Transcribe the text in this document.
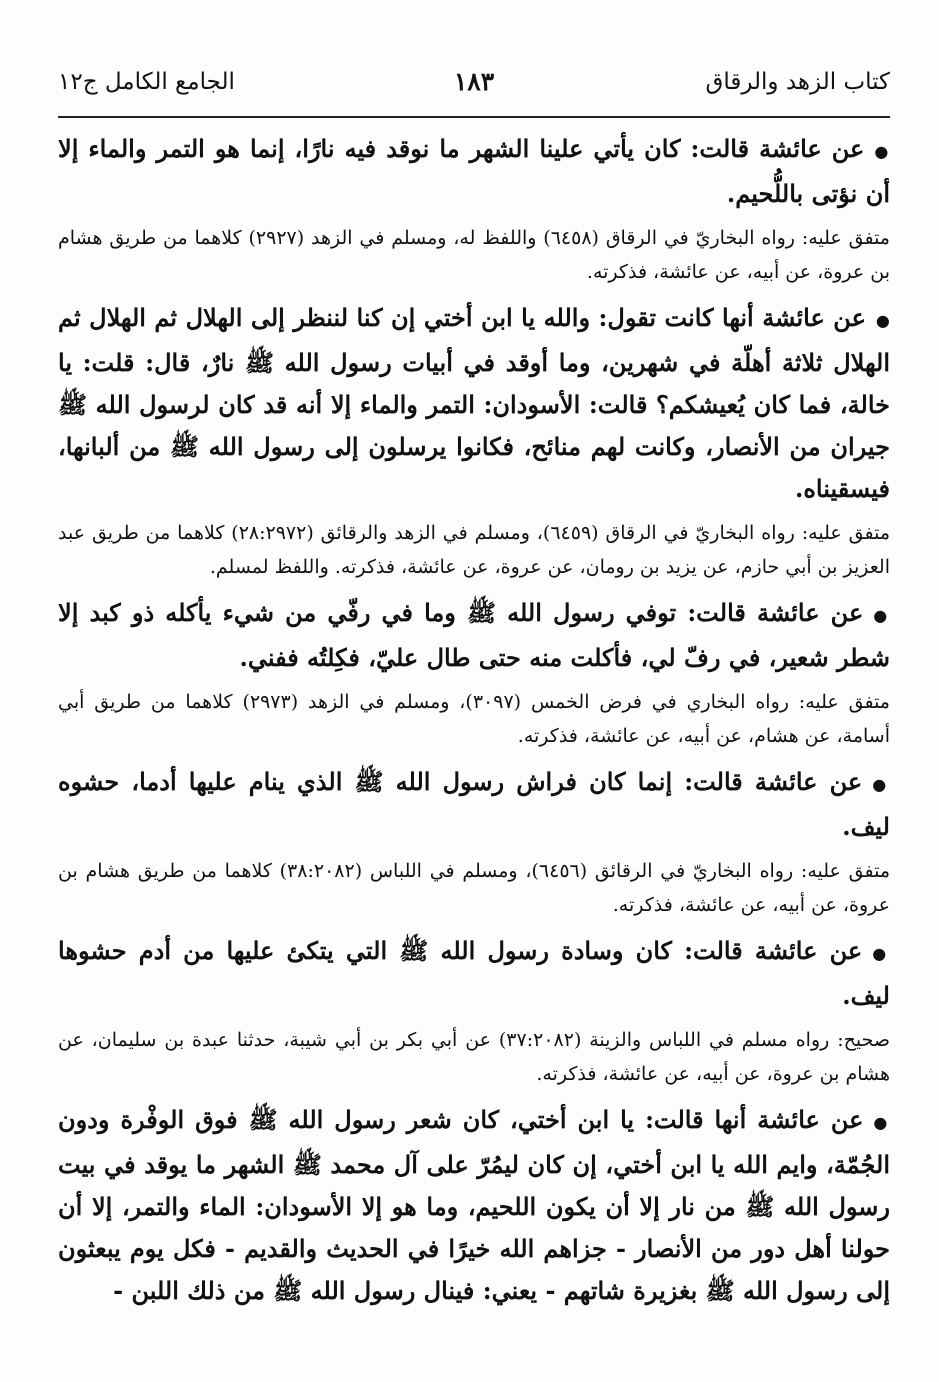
كتاب الزهد والرقاق
١٨٣
الجامع الكامل ج١٢

●عن عائشة قالت: كان يأتي علينا الشهر ما نوقد فيه نارًا، إنما هو التمر والماء إلا أن نؤتى باللُّحيم.

متفق عليه: رواه البخاريّ في الرقاق (٦٤٥٨) واللفظ له، ومسلم في الزهد (٢٩٢٧) كلاهما من طريق هشام بن عروة، عن أبيه، عن عائشة، فذكرته.

●عن عائشة أنها كانت تقول: والله يا ابن أختي إن كنا لننظر إلى الهلال ثم الهلال ثم الهلال ثلاثة أهلّة في شهرين، وما أوقد في أبيات رسول الله ﷺ نارٌ، قال: قلت: يا خالة، فما كان يُعيشكم؟ قالت: الأسودان: التمر والماء إلا أنه قد كان لرسول الله ﷺ جيران من الأنصار، وكانت لهم منائح، فكانوا يرسلون إلى رسول الله ﷺ من ألبانها، فيسقيناه.

متفق عليه: رواه البخاريّ في الرقاق (٦٤٥٩)، ومسلم في الزهد والرقائق (٢٨:٢٩٧٢) كلاهما من طريق عبد العزيز بن أبي حازم، عن يزيد بن رومان، عن عروة، عن عائشة، فذكرته. واللفظ لمسلم.

●عن عائشة قالت: توفي رسول الله ﷺ وما في رفّي من شيء يأكله ذو كبد إلا شطر شعير، في رفّ لي، فأكلت منه حتى طال عليّ، فكِلتُه ففني.

متفق عليه: رواه البخاري في فرض الخمس (٣٠٩٧)، ومسلم في الزهد (٢٩٧٣) كلاهما من طريق أبي أسامة، عن هشام، عن أبيه، عن عائشة، فذكرته.

●عن عائشة قالت: إنما كان فراش رسول الله ﷺ الذي ينام عليها أدما، حشوه ليف.

متفق عليه: رواه البخاريّ في الرقائق (٦٤٥٦)، ومسلم في اللباس (٣٨:٢٠٨٢) كلاهما من طريق هشام بن عروة، عن أبيه، عن عائشة، فذكرته.

●عن عائشة قالت: كان وسادة رسول الله ﷺ التي يتكئ عليها من أدم حشوها ليف.

صحيح: رواه مسلم في اللباس والزينة (٣٧:٢٠٨٢) عن أبي بكر بن أبي شيبة، حدثنا عبدة بن سليمان، عن هشام بن عروة، عن أبيه، عن عائشة، فذكرته.

●عن عائشة أنها قالت: يا ابن أختي، كان شعر رسول الله ﷺ فوق الوفْرة ودون الجُمّة، وايم الله يا ابن أختي، إن كان ليمُرّ على آل محمد ﷺ الشهر ما يوقد في بيت رسول الله ﷺ من نار إلا أن يكون اللحيم، وما هو إلا الأسودان: الماء والتمر، إلا أن حولنا أهل دور من الأنصار - جزاهم الله خيرًا في الحديث والقديم - فكل يوم يبعثون إلى رسول الله ﷺ بغزيرة شاتهم - يعني: فينال رسول الله ﷺ من ذلك اللبن -
